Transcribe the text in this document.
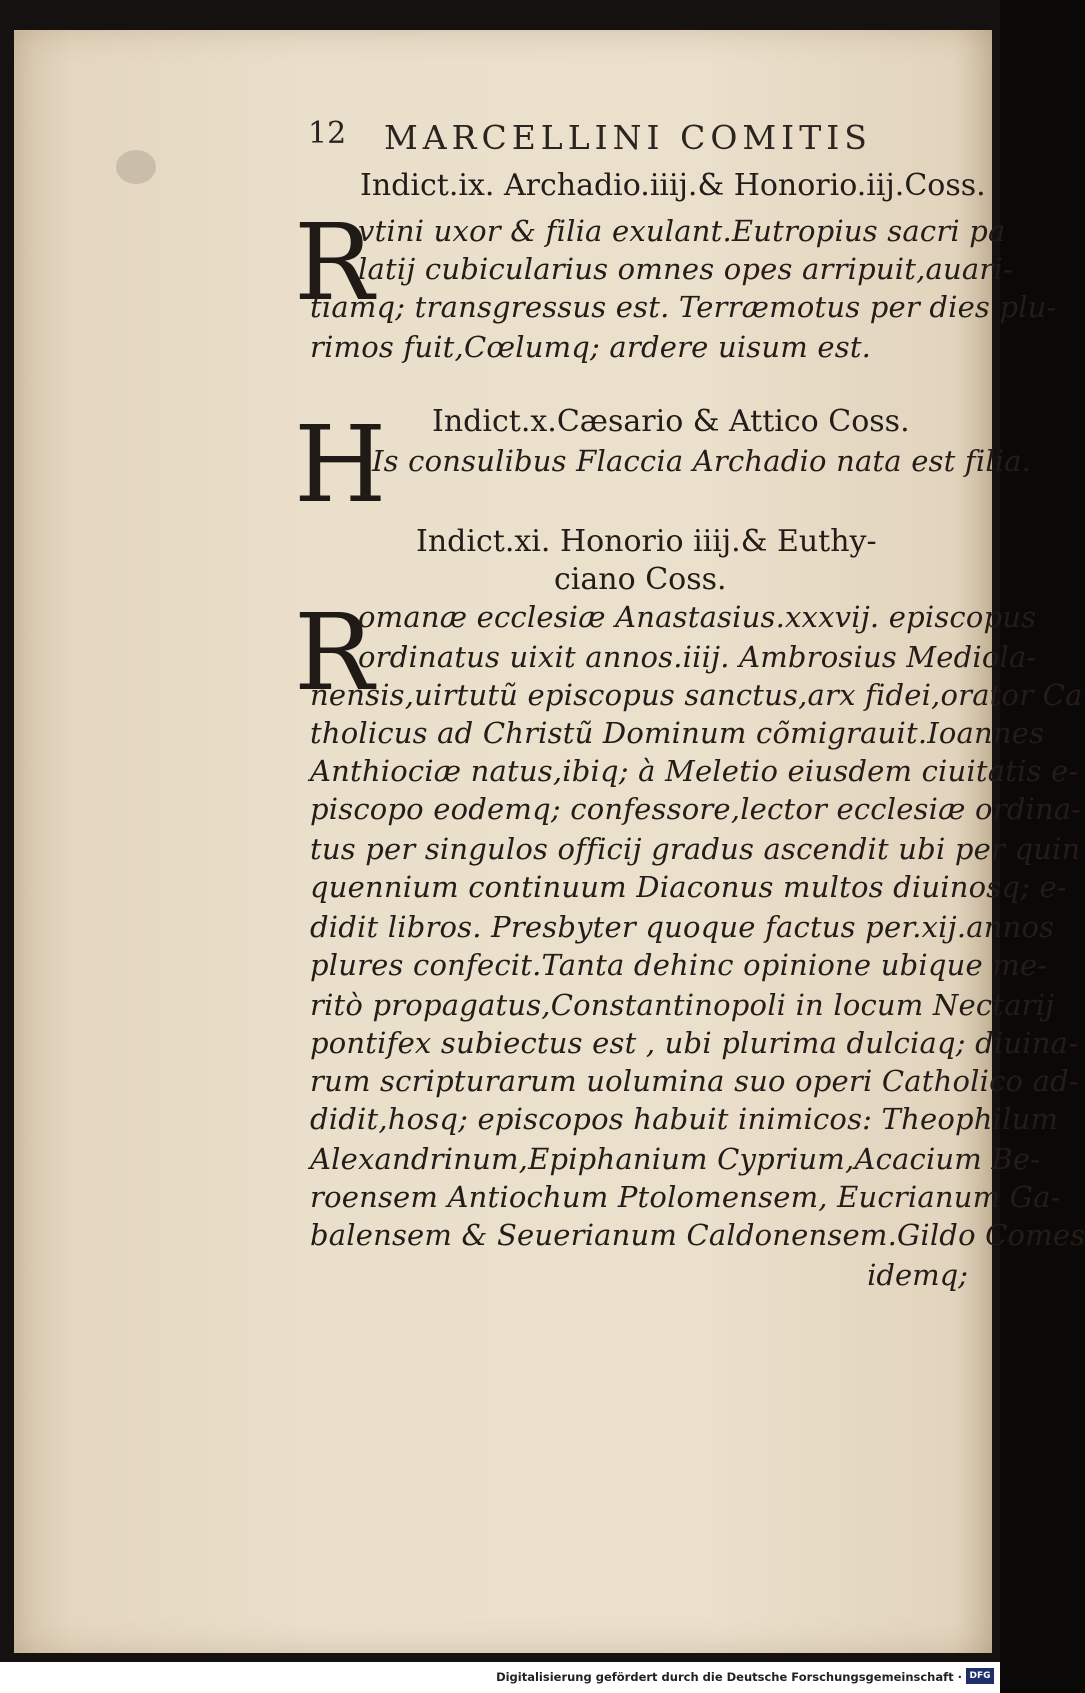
12 MARCELLINI COMITIS
Indict.ix. Archadio.iiij.& Honorio.iij.Coss.
R
vtini uxor & filia exulant.Eutropius sacri pa
latij cubicularius omnes opes arripuit,auari-
tiamq; transgressus est. Terræmotus per dies plu-
rimos fuit,Cœlumq; ardere uisum est.
H Indict.x.Cæsario & Attico Coss.
Is consulibus Flaccia Archadio nata est filia.
Indict.xi. Honorio iiij.& Euthy-
ciano Coss.
R
omanæ ecclesiæ Anastasius.xxxvij. episcopus
ordinatus uixit annos.iiij. Ambrosius Mediola-
nensis,uirtutũ episcopus sanctus,arx fidei,orator Ca
tholicus ad Christũ Dominum cõmigrauit.Ioannes
Anthiociæ natus,ibiq; à Meletio eiusdem ciuitatis e-
piscopo eodemq; confessore,lector ecclesiæ ordina-
tus per singulos officij gradus ascendit ubi per quin
quennium continuum Diaconus multos diuinosq; e-
didit libros. Presbyter quoque factus per.xij.annos
plures confecit.Tanta dehinc opinione ubique me-
ritò propagatus,Constantinopoli in locum Nectarij
pontifex subiectus est , ubi plurima dulciaq; diuina-
rum scripturarum uolumina suo operi Catholico ad-
didit,hosq; episcopos habuit inimicos: Theophilum
Alexandrinum,Epiphanium Cyprium,Acacium Be-
roensem Antiochum Ptolomensem, Eucrianum Ga-
balensem & Seuerianum Caldonensem.Gildo Comes
idemq;
Digitalisierung gefördert durch die Deutsche Forschungsgemeinschaft · DFG
